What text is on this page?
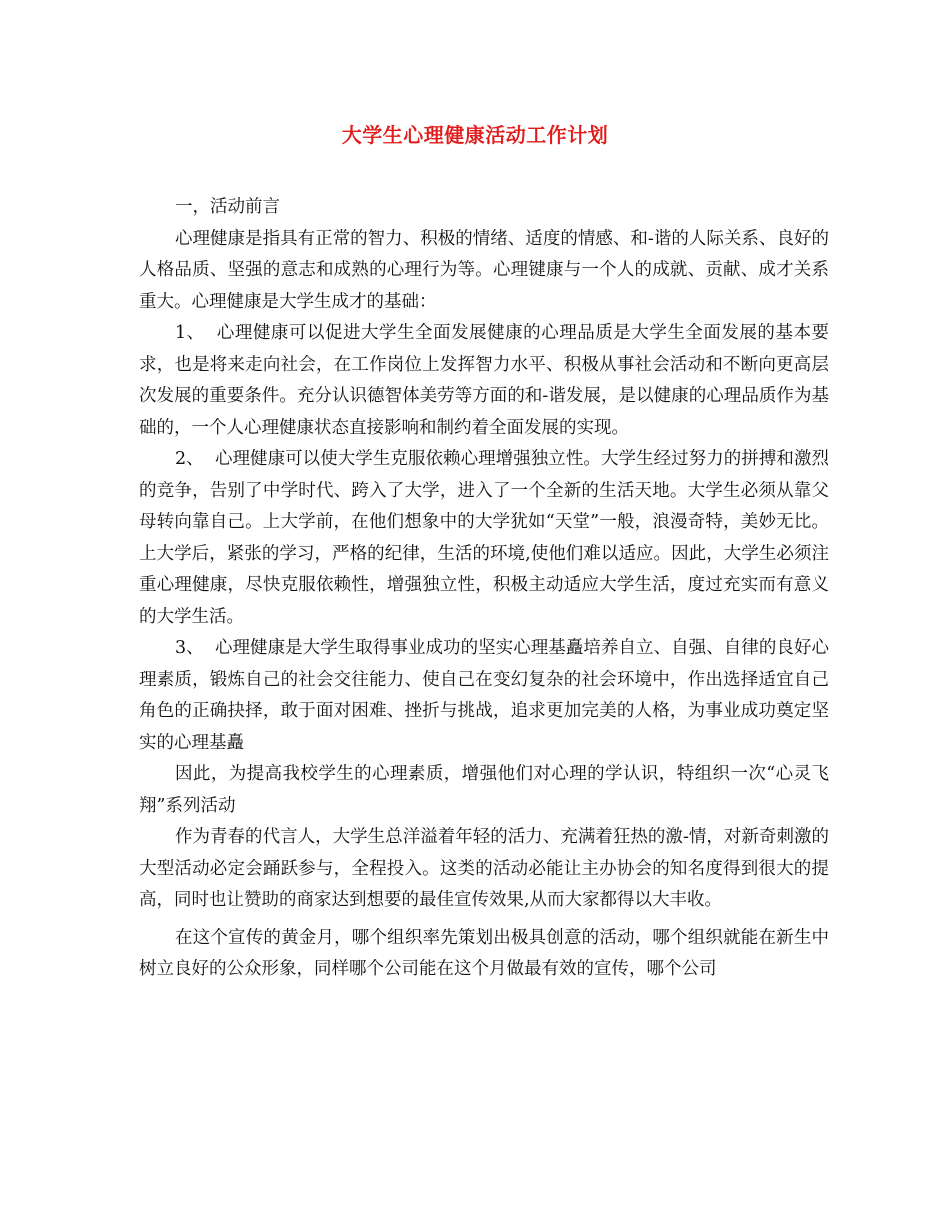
大学生心理健康活动工作计划

一，活动前言

心理健康是指具有正常的智力、积极的情绪、适度的情感、和-谐的人际关系、良好的人格品质、坚强的意志和成熟的心理行为等。心理键康与一个人的成就、贡献、成才关系重大。心理健康是大学生成才的基础：

1、  心理健康可以促进大学生全面发展健康的心理品质是大学生全面发展的基本要求，也是将来走向社会，在工作岗位上发挥智力水平、积极从事社会活动和不断向更高层次发展的重要条件。充分认识德智体美劳等方面的和-谐发展，是以健康的心理品质作为基础的，一个人心理健康状态直接影响和制约着全面发展的实现。

2、  心理健康可以使大学生克服依赖心理增强独立性。大学生经过努力的拼搏和激烈的竞争，告别了中学时代、跨入了大学，进入了一个全新的生活天地。大学生必须从靠父母转向靠自己。上大学前，在他们想象中的大学犹如“天堂”一般，浪漫奇特，美妙无比。上大学后，紧张的学习，严格的纪律，生活的环境,使他们难以适应。因此，大学生必须注重心理健康，尽快克服依赖性，增强独立性，积极主动适应大学生活，度过充实而有意义的大学生活。

3、  心理健康是大学生取得事业成功的坚实心理基矗培养自立、自强、自律的良好心理素质，锻炼自己的社会交往能力、使自己在变幻复杂的社会环境中，作出选择适宜自己角色的正确抉择，敢于面对困难、挫折与挑战，追求更加完美的人格，为事业成功奠定坚实的心理基矗

因此，为提高我校学生的心理素质，增强他们对心理的学认识，特组织一次“心灵飞翔”系列活动

作为青春的代言人，大学生总洋溢着年轻的活力、充满着狂热的激-情，对新奇刺激的大型活动必定会踊跃参与，全程投入。这类的活动必能让主办协会的知名度得到很大的提高，同时也让赞助的商家达到想要的最佳宣传效果,从而大家都得以大丰收。

在这个宣传的黄金月，哪个组织率先策划出极具创意的活动，哪个组织就能在新生中树立良好的公众形象，同样哪个公司能在这个月做最有效的宣传，哪个公司
